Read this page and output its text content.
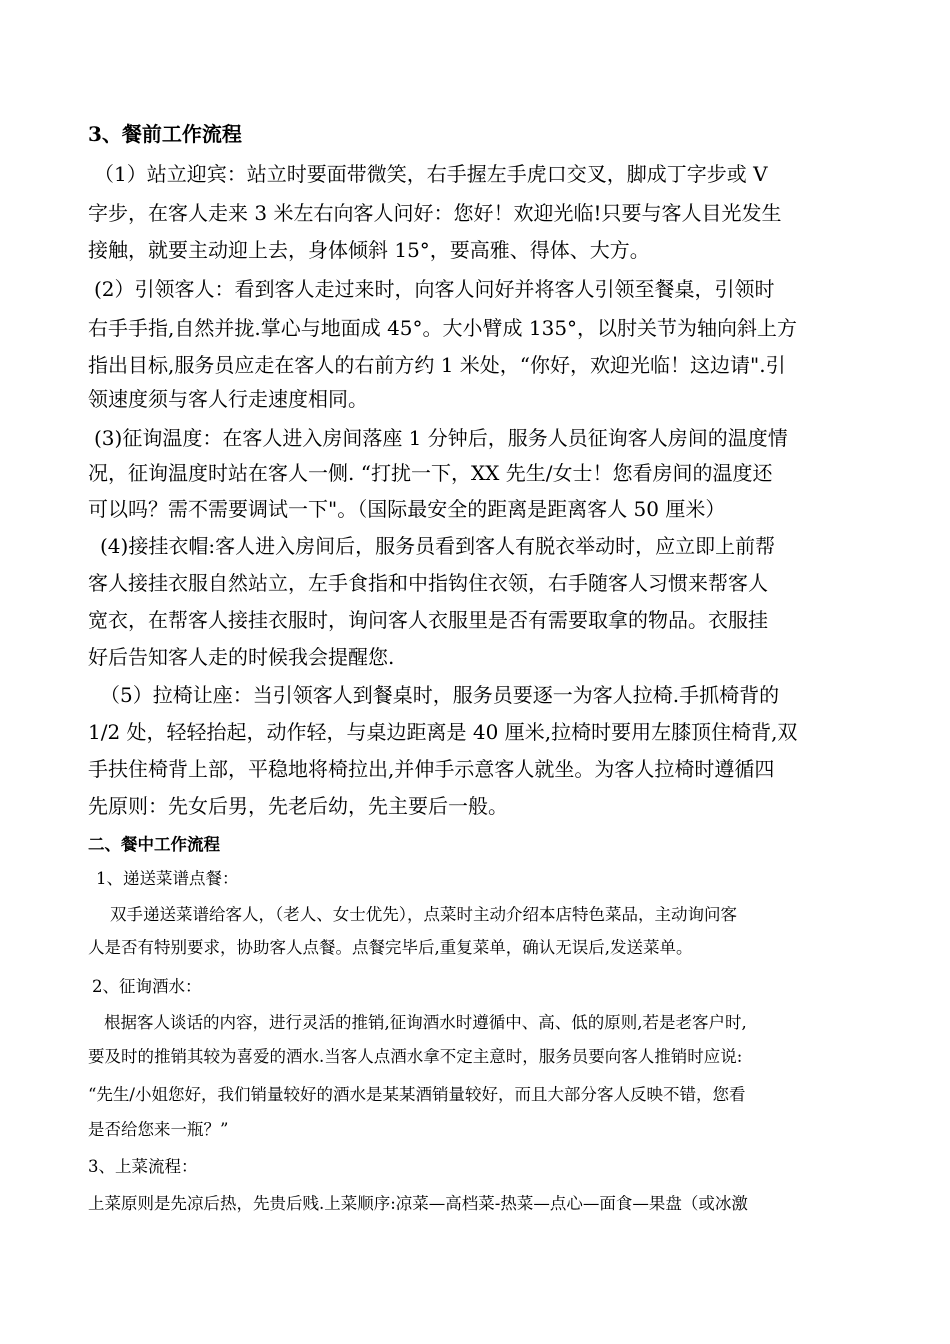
3、餐前工作流程

（1）站立迎宾：站立时要面带微笑，右手握左手虎口交叉，脚成丁字步或 V

字步，在客人走来 3 米左右向客人问好：您好！欢迎光临!只要与客人目光发生

接触，就要主动迎上去，身体倾斜 15°，要高雅、得体、大方。

(2）引领客人：看到客人走过来时，向客人问好并将客人引领至餐桌，引领时

右手手指,自然并拢.掌心与地面成 45°。大小臂成 135°，以肘关节为轴向斜上方

指出目标,服务员应走在客人的右前方约 1 米处，“你好，欢迎光临！这边请".引

领速度须与客人行走速度相同。

(3)征询温度：在客人进入房间落座 1 分钟后，服务人员征询客人房间的温度情

况，征询温度时站在客人一侧. “打扰一下，XX 先生/女士！您看房间的温度还

可以吗？需不需要调试一下"。（国际最安全的距离是距离客人 50 厘米）

(4)接挂衣帽:客人进入房间后，服务员看到客人有脱衣举动时，应立即上前帮

客人接挂衣服自然站立，左手食指和中指钩住衣领，右手随客人习惯来帮客人

宽衣，在帮客人接挂衣服时，询问客人衣服里是否有需要取拿的物品。衣服挂

好后告知客人走的时候我会提醒您.

（5）拉椅让座：当引领客人到餐桌时，服务员要逐一为客人拉椅.手抓椅背的

1/2 处，轻轻抬起，动作轻，与桌边距离是 40 厘米,拉椅时要用左膝顶住椅背,双

手扶住椅背上部，平稳地将椅拉出,并伸手示意客人就坐。为客人拉椅时遵循四

先原则：先女后男，先老后幼，先主要后一般。

二、餐中工作流程

1、递送菜谱点餐：

双手递送菜谱给客人，（老人、女士优先），点菜时主动介绍本店特色菜品，主动询问客

人是否有特别要求，协助客人点餐。点餐完毕后,重复菜单，确认无误后,发送菜单。

2、征询酒水：

根据客人谈话的内容，进行灵活的推销,征询酒水时遵循中、高、低的原则,若是老客户时,

要及时的推销其较为喜爱的酒水.当客人点酒水拿不定主意时，服务员要向客人推销时应说:

“先生/小姐您好，我们销量较好的酒水是某某酒销量较好，而且大部分客人反映不错，您看

是否给您来一瓶？”

3、上菜流程：

上菜原则是先凉后热，先贵后贱.上菜顺序:凉菜—高档菜-热菜—点心—面食—果盘（或冰激
